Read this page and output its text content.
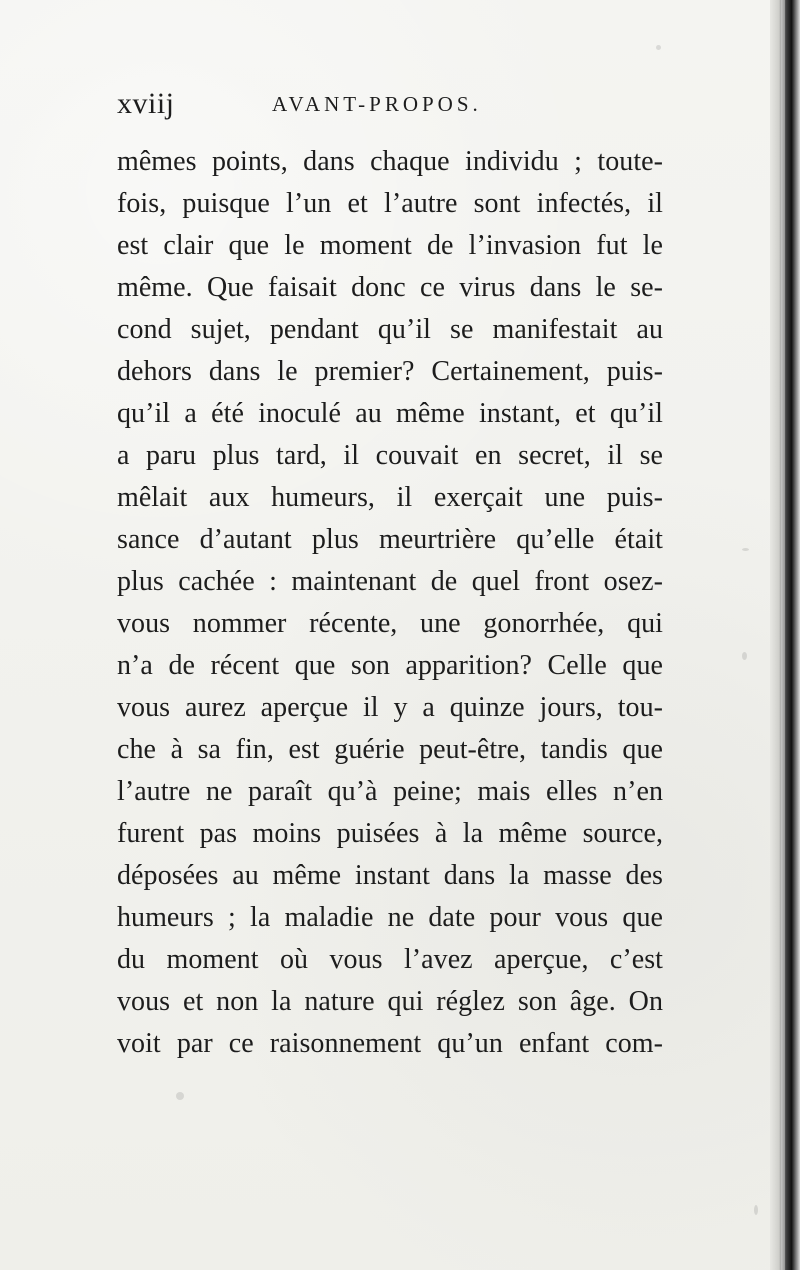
xviij	AVANT-PROPOS.
mêmes points, dans chaque individu ; toute-
fois, puisque l’un et l’autre sont infectés, il
est clair que le moment de l’invasion fut le
même. Que faisait donc ce virus dans le se-
cond sujet, pendant qu’il se manifestait au
dehors dans le premier? Certainement, puis-
qu’il a été inoculé au même instant, et qu’il
a paru plus tard, il couvait en secret, il se
mêlait aux humeurs, il exerçait une puis-
sance d’autant plus meurtrière qu’elle était
plus cachée : maintenant de quel front osez-
vous nommer récente, une gonorrhée, qui
n’a de récent que son apparition? Celle que
vous aurez aperçue il y a quinze jours, tou-
che à sa fin, est guérie peut-être, tandis que
l’autre ne paraît qu’à peine; mais elles n’en
furent pas moins puisées à la même source,
déposées au même instant dans la masse des
humeurs ; la maladie ne date pour vous que
du moment où vous l’avez aperçue, c’est
vous et non la nature qui réglez son âge. On
voit par ce raisonnement qu’un enfant com-
